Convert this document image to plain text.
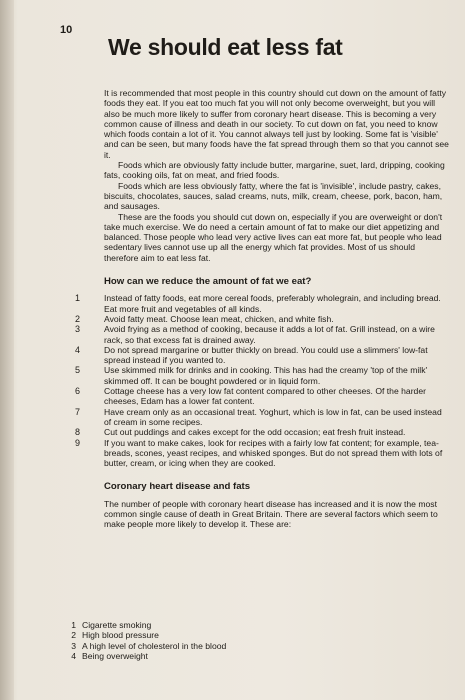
10
We should eat less fat

It is recommended that most people in this country should cut down on the amount of fatty foods they eat. If you eat too much fat you will not only become overweight, but you will also be much more likely to suffer from coronary heart disease. This is becoming a very common cause of illness and death in our society. To cut down on fat, you need to know which foods contain a lot of it. You cannot always tell just by looking. Some fat is 'visible' and can be seen, but many foods have the fat spread through them so that you cannot see it.

Foods which are obviously fatty include butter, margarine, suet, lard, dripping, cooking fats, cooking oils, fat on meat, and fried foods.

Foods which are less obviously fatty, where the fat is 'invisible', include pastry, cakes, biscuits, chocolates, sauces, salad creams, nuts, milk, cream, cheese, pork, bacon, ham, and sausages.

These are the foods you should cut down on, especially if you are overweight or don't take much exercise. We do need a certain amount of fat to make our diet appetizing and balanced. Those people who lead very active lives can eat more fat, but people who lead sedentary lives cannot use up all the energy which fat provides. Most of us should therefore aim to eat less fat.

How can we reduce the amount of fat we eat?
1	Instead of fatty foods, eat more cereal foods, preferably wholegrain, and including bread. Eat more fruit and vegetables of all kinds.
2	Avoid fatty meat. Choose lean meat, chicken, and white fish.
3	Avoid frying as a method of cooking, because it adds a lot of fat. Grill instead, on a wire rack, so that excess fat is drained away.
4	Do not spread margarine or butter thickly on bread. You could use a slimmers' low-fat spread instead if you wanted to.
5	Use skimmed milk for drinks and in cooking. This has had the creamy 'top of the milk' skimmed off. It can be bought powdered or in liquid form.
6	Cottage cheese has a very low fat content compared to other cheeses. Of the harder cheeses, Edam has a lower fat content.
7	Have cream only as an occasional treat. Yoghurt, which is low in fat, can be used instead of cream in some recipes.
8	Cut out puddings and cakes except for the odd occasion; eat fresh fruit instead.
9	If you want to make cakes, look for recipes with a fairly low fat content; for example, tea-breads, scones, yeast recipes, and whisked sponges. But do not spread them with lots of butter, cream, or icing when they are cooked.
Coronary heart disease and fats

The number of people with coronary heart disease has increased and it is now the most common single cause of death in Great Britain. There are several factors which seem to make people more likely to develop it. These are:

1 Cigarette smoking
2 High blood pressure
3 A high level of cholesterol in the blood
4 Being overweight
